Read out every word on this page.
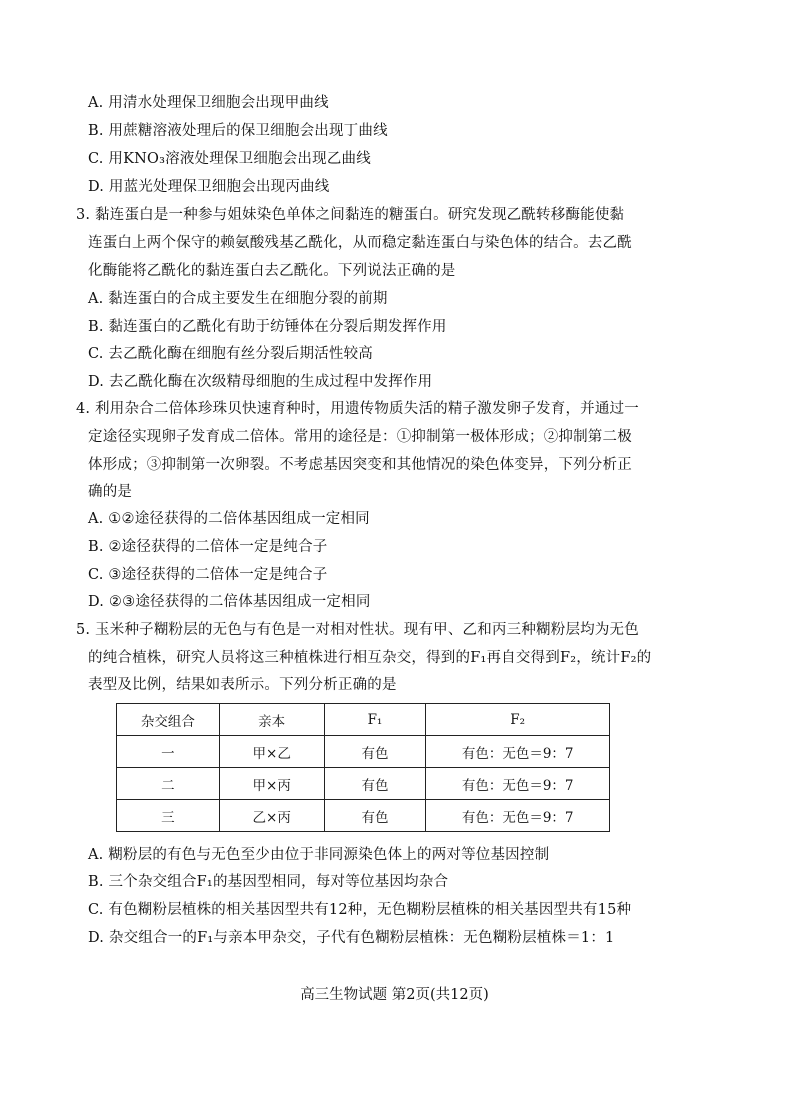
A. 用清水处理保卫细胞会出现甲曲线
B. 用蔗糖溶液处理后的保卫细胞会出现丁曲线
C. 用KNO₃溶液处理保卫细胞会出现乙曲线
D. 用蓝光处理保卫细胞会出现丙曲线
3. 黏连蛋白是一种参与姐妹染色单体之间黏连的糖蛋白。研究发现乙酰转移酶能使黏
连蛋白上两个保守的赖氨酸残基乙酰化，从而稳定黏连蛋白与染色体的结合。去乙酰
化酶能将乙酰化的黏连蛋白去乙酰化。下列说法正确的是
A. 黏连蛋白的合成主要发生在细胞分裂的前期
B. 黏连蛋白的乙酰化有助于纺锤体在分裂后期发挥作用
C. 去乙酰化酶在细胞有丝分裂后期活性较高
D. 去乙酰化酶在次级精母细胞的生成过程中发挥作用
4. 利用杂合二倍体珍珠贝快速育种时，用遗传物质失活的精子激发卵子发育，并通过一
定途径实现卵子发育成二倍体。常用的途径是：①抑制第一极体形成；②抑制第二极
体形成；③抑制第一次卵裂。不考虑基因突变和其他情况的染色体变异，下列分析正
确的是
A. ①②途径获得的二倍体基因组成一定相同
B. ②途径获得的二倍体一定是纯合子
C. ③途径获得的二倍体一定是纯合子
D. ②③途径获得的二倍体基因组成一定相同
5. 玉米种子糊粉层的无色与有色是一对相对性状。现有甲、乙和丙三种糊粉层均为无色
的纯合植株，研究人员将这三种植株进行相互杂交，得到的F₁再自交得到F₂，统计F₂的
表型及比例，结果如表所示。下列分析正确的是
杂交组合	亲本	F₁	F₂
一	甲×乙	有色	有色：无色＝9：7
二	甲×丙	有色	有色：无色＝9：7
三	乙×丙	有色	有色：无色＝9：7
A. 糊粉层的有色与无色至少由位于非同源染色体上的两对等位基因控制
B. 三个杂交组合F₁的基因型相同，每对等位基因均杂合
C. 有色糊粉层植株的相关基因型共有12种，无色糊粉层植株的相关基因型共有15种
D. 杂交组合一的F₁与亲本甲杂交，子代有色糊粉层植株：无色糊粉层植株＝1：1
高三生物试题 第2页(共12页)
